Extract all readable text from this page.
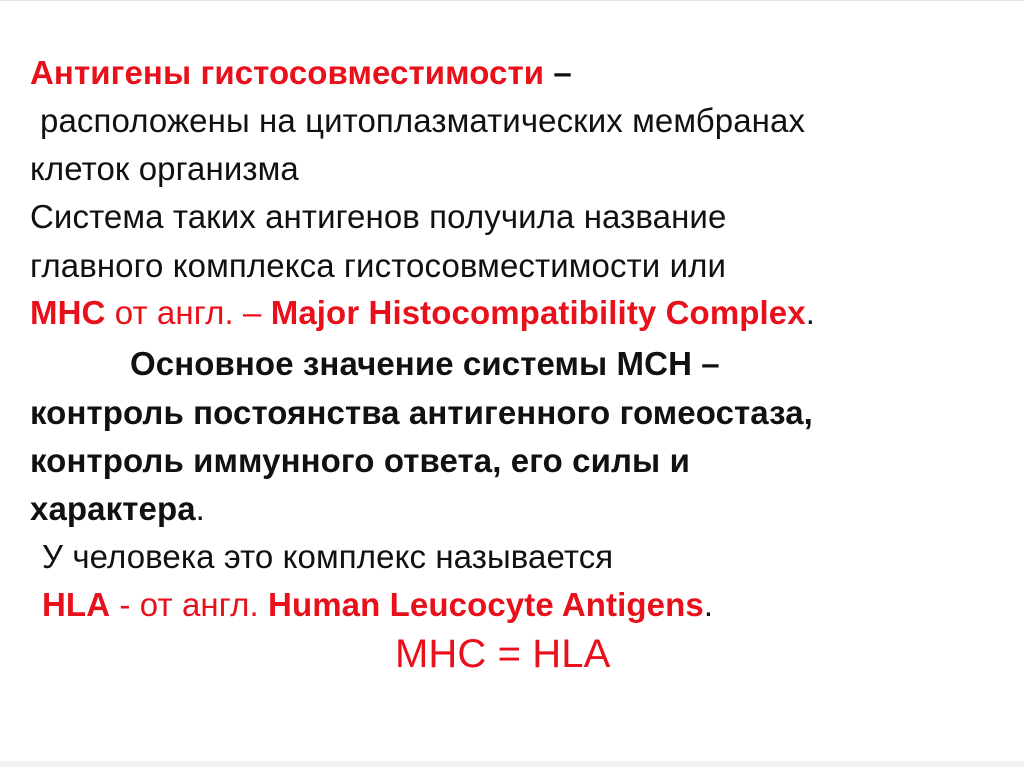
Антигены гистосовместимости –
расположены на цитоплазматических мембранах
клеток организма
Система таких антигенов получила название
главного комплекса гистосовместимости или
МНС от англ. – Major Histocompatibility Complex.
Основное значение системы МСН –
контроль постоянства антигенного гомеостаза,
контроль иммунного ответа, его силы и
характера.
У человека это комплекс называется
HLA - от англ. Human Leucocyte Antigens.
МНС = HLA
